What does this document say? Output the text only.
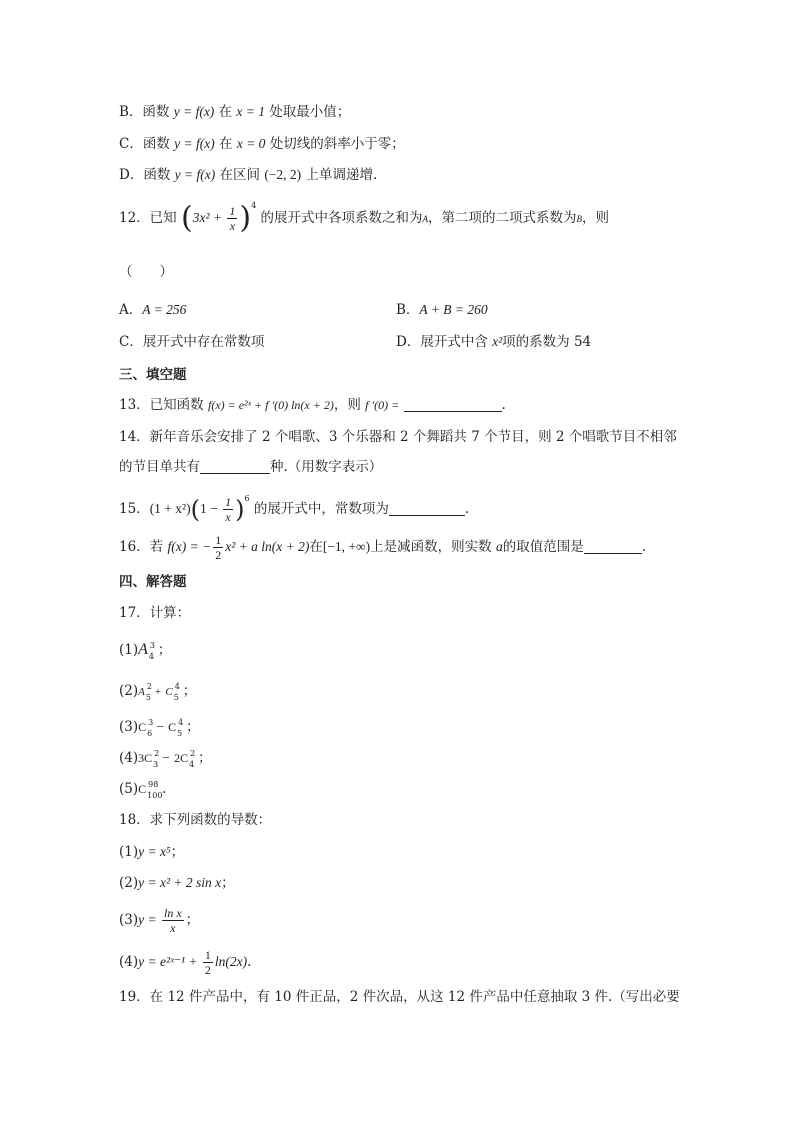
B．函数 y = f(x) 在 x = 1 处取最小值；
C．函数 y = f(x) 在 x = 0 处切线的斜率小于零；
D．函数 y = f(x) 在区间 (−2, 2) 上单调递增.
12．已知 $(3x^2 + \frac{1}{x} )^4$ 的展开式中各项系数之和为A，第二项的二项式系数为B，则
（　　）
A．A = 256	B．A + B = 260
C．展开式中存在常数项	D．展开式中含 x²项的系数为 54
三、填空题
13．已知函数 f(x) = e²ˣ + f ′(0) ln(x + 2)，则 f ′(0) =	.
14．新年音乐会安排了 2 个唱歌、3 个乐器和 2 个舞蹈共 7 个节目，则 2 个唱歌节目不相邻
的节目单共有	种.（用数字表示）
15．$(1 + x^2)(1 - \frac{1}{x} )^6$ 的展开式中，常数项为	.
16．若 f(x) = − $\frac{1}{2} x^2 + a$ ln(x + 2)在[−1, +∞)上是减函数，则实数 a的取值范围是	.
四、解答题
17．计算：
(1)A 3
4 ；
(2)A 2
5 + C 4
5 ；
(3)C 3
6 − C 4
5 ；
(4)3C 2
3 − 2C 2
4 ；
(5)C 98
100 .
18．求下列函数的导数：
(1)y = x⁵；
(2)y = x² + 2 sin x；
$(3)y = \frac{\text{ln x}}{x}$ ；
(4)y = e²ˣ⁻¹ + $\frac{1}{2} \ln(2x)$.
19．在 12 件产品中，有 10 件正品，2 件次品，从这 12 件产品中任意抽取 3 件.（写出必要
